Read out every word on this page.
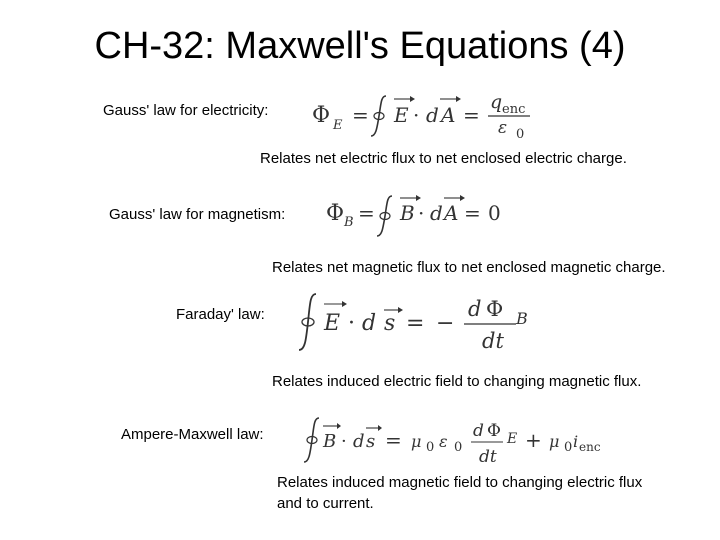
CH-32: Maxwell's Equations (4)
Gauss' law for electricity: Φ E = E · d A =
q enc
ε 0
Relates net electric flux to net enclosed electric charge.
Gauss' law for magnetism: Φ B = B · d A = 0
Relates net magnetic flux to net enclosed magnetic charge.
Faraday' law:	E · d s = −
d Φ B
dt
Relates induced electric field to changing magnetic flux.
Ampere-Maxwell law:	B · d s = μ 0 ε 0
d Φ E
dt
+ μ 0 i enc
Relates induced magnetic field to changing electric flux
and to current.
